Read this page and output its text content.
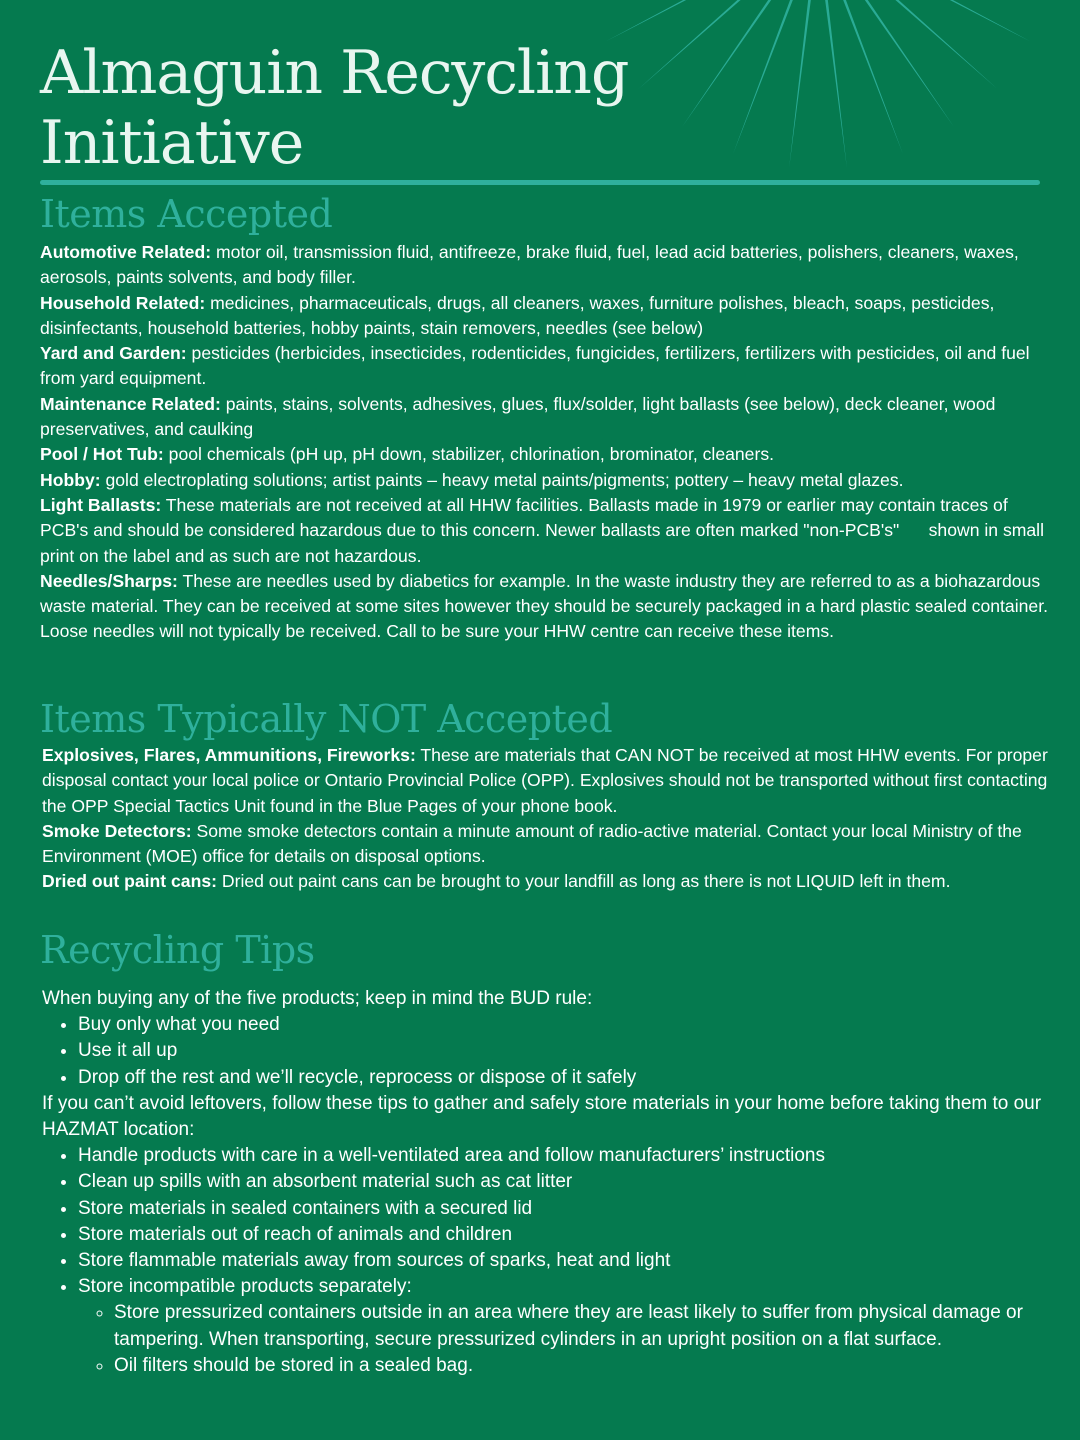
Almaguin Recycling Initiative
Items Accepted

Automotive Related: motor oil, transmission fluid, antifreeze, brake fluid, fuel, lead acid batteries, polishers, cleaners, waxes, aerosols, paints solvents, and body filler.

Household Related: medicines, pharmaceuticals, drugs, all cleaners, waxes, furniture polishes, bleach, soaps, pesticides, disinfectants, household batteries, hobby paints, stain removers, needles (see below)

Yard and Garden: pesticides (herbicides, insecticides, rodenticides, fungicides, fertilizers, fertilizers with pesticides, oil and fuel from yard equipment.

Maintenance Related: paints, stains, solvents, adhesives, glues, flux/solder, light ballasts (see below), deck cleaner, wood preservatives, and caulking

Pool / Hot Tub: pool chemicals (pH up, pH down, stabilizer, chlorination, brominator, cleaners.

Hobby: gold electroplating solutions; artist paints – heavy metal paints/pigments; pottery – heavy metal glazes.

Light Ballasts: These materials are not received at all HHW facilities. Ballasts made in 1979 or earlier may contain traces of PCB's and should be considered hazardous due to this concern. Newer ballasts are often marked "non-PCB's"      shown in small print on the label and as such are not hazardous.

Needles/Sharps: These are needles used by diabetics for example. In the waste industry they are referred to as a biohazardous waste material. They can be received at some sites however they should be securely packaged in a hard plastic sealed container. Loose needles will not typically be received. Call to be sure your HHW centre can receive these items.

Items Typically NOT Accepted

Explosives, Flares, Ammunitions, Fireworks: These are materials that CAN NOT be received at most HHW events. For proper disposal contact your local police or Ontario Provincial Police (OPP). Explosives should not be transported without first contacting the OPP Special Tactics Unit found in the Blue Pages of your phone book.

Smoke Detectors: Some smoke detectors contain a minute amount of radio-active material. Contact your local Ministry of the Environment (MOE) office for details on disposal options.

Dried out paint cans: Dried out paint cans can be brought to your landfill as long as there is not LIQUID left in them.

Recycling Tips

When buying any of the five products; keep in mind the BUD rule:

• Buy only what you need
• Use it all up
• Drop off the rest and we’ll recycle, reprocess or dispose of it safely

If you can’t avoid leftovers, follow these tips to gather and safely store materials in your home before taking them to our HAZMAT location:

• Handle products with care in a well-ventilated area and follow manufacturers’ instructions
• Clean up spills with an absorbent material such as cat litter
• Store materials in sealed containers with a secured lid
• Store materials out of reach of animals and children
• Store flammable materials away from sources of sparks, heat and light
• Store incompatible products separately:
◦ Store pressurized containers outside in an area where they are least likely to suffer from physical damage or tampering. When transporting, secure pressurized cylinders in an upright position on a flat surface.
◦ Oil filters should be stored in a sealed bag.
